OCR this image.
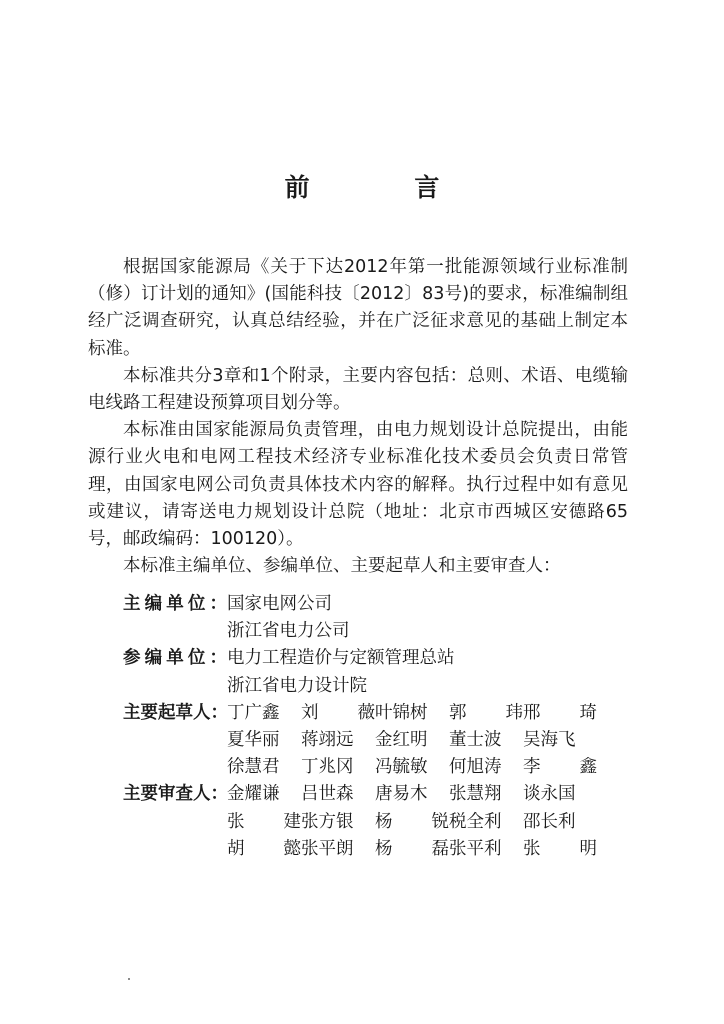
前 言

根据国家能源局《关于下达2012年第一批能源领域行业标准制（修）订计划的通知》(国能科技〔2012〕83号)的要求，标准编制组经广泛调查研究，认真总结经验，并在广泛征求意见的基础上制定本标准。

本标准共分3章和1个附录，主要内容包括：总则、术语、电缆输电线路工程建设预算项目划分等。

本标准由国家能源局负责管理，由电力规划设计总院提出，由能源行业火电和电网工程技术经济专业标准化技术委员会负责日常管理，由国家电网公司负责具体技术内容的解释。执行过程中如有意见或建议，请寄送电力规划设计总院（地址：北京市西城区安德路65号，邮政编码：100120）。

本标准主编单位、参编单位、主要起草人和主要审查人：

主 编 单 位 ： 国家电网公司
浙江省电力公司
参 编 单 位 ： 电力工程造价与定额管理总站
浙江省电力设计院
主 要 起 草 人 ： 丁 广 鑫 刘 薇 叶 锦 树 郭 玮 邢 琦
夏 华 丽 蒋 翊 远 金 红 明 董 士 波 吴 海 飞
徐 慧 君 丁 兆 冈 冯 毓 敏 何 旭 涛 李 鑫
主 要 审 查 人 ： 金 耀 谦 吕 世 森 唐 易 木 张 慧 翔 谈 永 国
张 建 张 方 银 杨 锐 税 全 利 邵 长 利
胡 懿 张 平 朗 杨 磊 张 平 利 张 明
